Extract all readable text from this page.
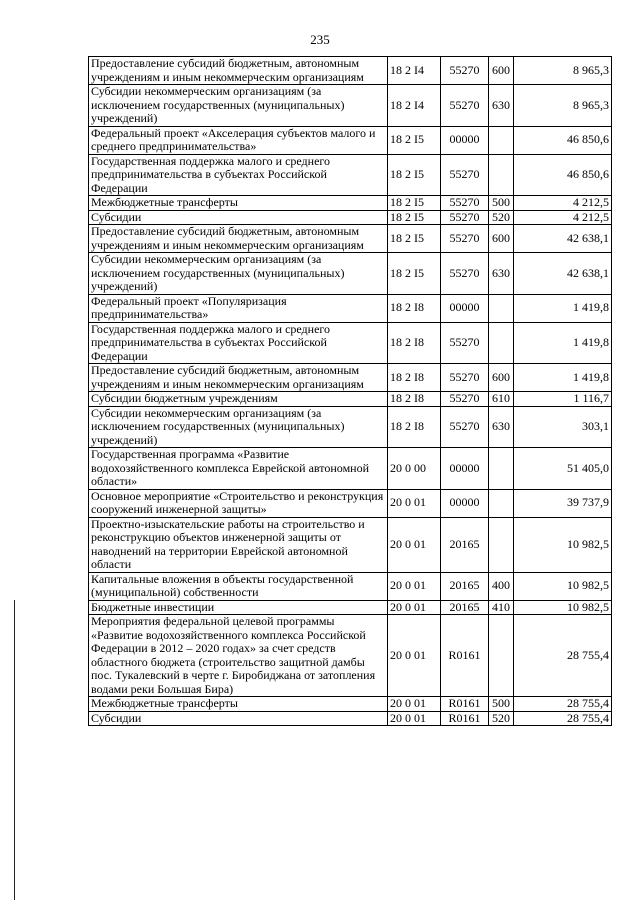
235
Предоставление субсидий бюджетным, автономным учреждениям и иным некоммерческим организациям	18 2 I4	55270	600	8 965,3
Субсидии некоммерческим организациям (за исключением государственных (муниципальных) учреждений)	18 2 I4	55270	630	8 965,3
Федеральный проект «Акселерация субъектов малого и среднего предпринимательства»	18 2 I5	00000		46 850,6
Государственная поддержка малого и среднего предпринимательства в субъектах Российской Федерации	18 2 I5	55270		46 850,6
Межбюджетные трансферты	18 2 I5	55270	500	4 212,5
Субсидии	18 2 I5	55270	520	4 212,5
Предоставление субсидий бюджетным, автономным учреждениям и иным некоммерческим организациям	18 2 I5	55270	600	42 638,1
Субсидии некоммерческим организациям (за исключением государственных (муниципальных) учреждений)	18 2 I5	55270	630	42 638,1
Федеральный проект «Популяризация предпринимательства»	18 2 I8	00000		1 419,8
Государственная поддержка малого и среднего предпринимательства в субъектах Российской Федерации	18 2 I8	55270		1 419,8
Предоставление субсидий бюджетным, автономным учреждениям и иным некоммерческим организациям	18 2 I8	55270	600	1 419,8
Субсидии бюджетным учреждениям	18 2 I8	55270	610	1 116,7
Субсидии некоммерческим организациям (за исключением государственных (муниципальных) учреждений)	18 2 I8	55270	630	303,1
Государственная программа «Развитие водохозяйственного комплекса Еврейской автономной области»	20 0 00	00000		51 405,0
Основное мероприятие «Строительство и реконструкция сооружений инженерной защиты»	20 0 01	00000		39 737,9
Проектно-изыскательские работы на строительство и реконструкцию объектов инженерной защиты от наводнений на территории Еврейской автономной области	20 0 01	20165		10 982,5
Капитальные вложения в объекты государственной (муниципальной) собственности	20 0 01	20165	400	10 982,5
Бюджетные инвестиции	20 0 01	20165	410	10 982,5
Мероприятия федеральной целевой программы «Развитие водохозяйственного комплекса Российской Федерации в 2012 – 2020 годах» за счет средств областного бюджета (строительство защитной дамбы пос. Тукалевский в черте г. Биробиджана от затопления водами реки Большая Бира)	20 0 01	R0161		28 755,4
Межбюджетные трансферты	20 0 01	R0161	500	28 755,4
Субсидии	20 0 01	R0161	520	28 755,4
